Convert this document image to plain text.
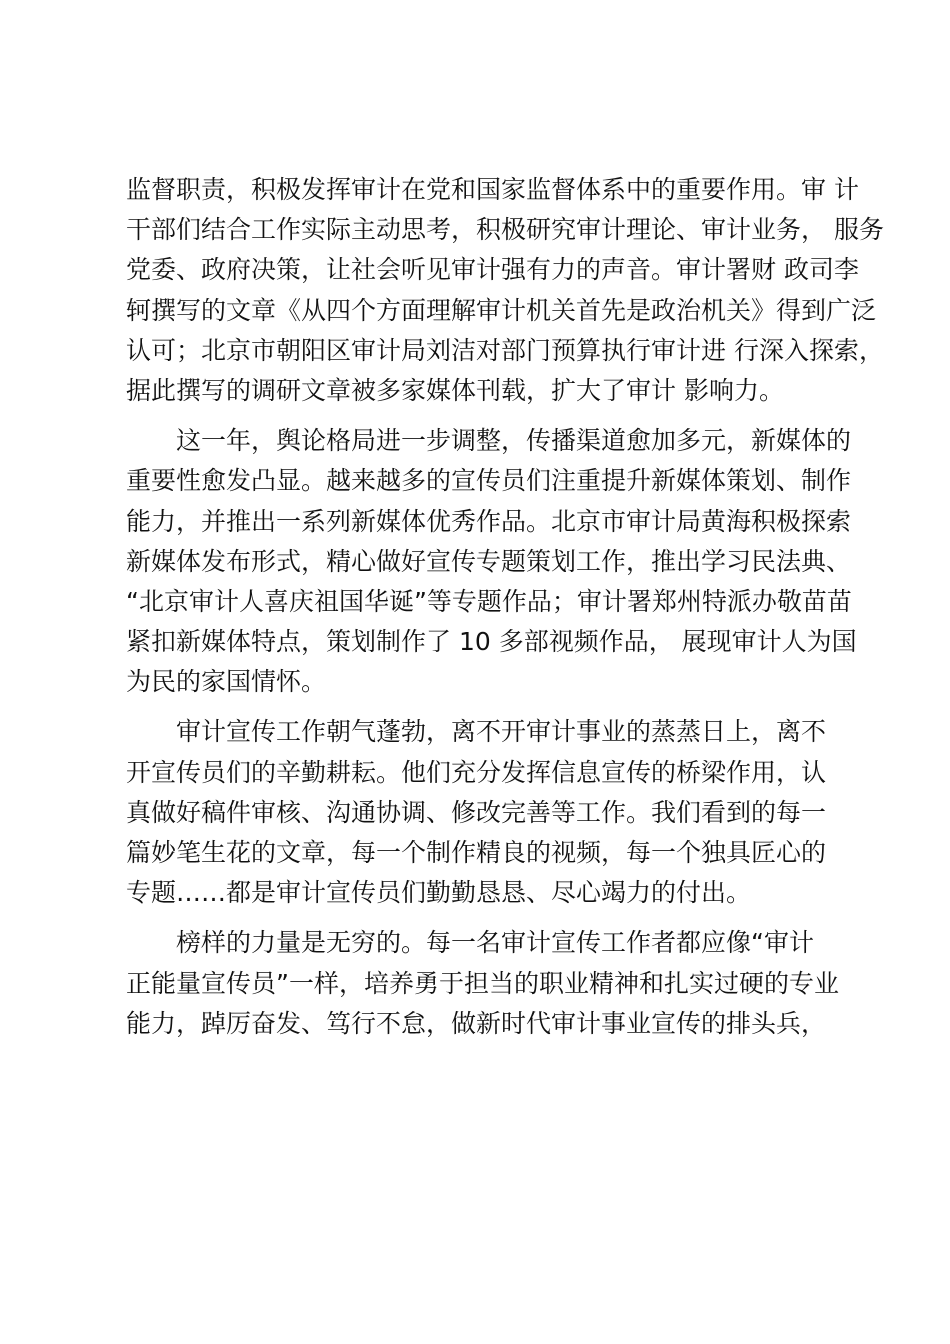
监督职责，积极发挥审计在党和国家监督体系中的重要作用。审 计
干部们结合工作实际主动思考，积极研究审计理论、审计业务， 服务
党委、政府决策，让社会听见审计强有力的声音。审计署财 政司李
轲撰写的文章《从四个方面理解审计机关首先是政治机关》得到广泛
认可；北京市朝阳区审计局刘洁对部门预算执行审计进 行深入探索，
据此撰写的调研文章被多家媒体刊载，扩大了审计 影响力。
　　这一年，舆论格局进一步调整，传播渠道愈加多元，新媒体的
重要性愈发凸显。越来越多的宣传员们注重提升新媒体策划、制作
能力，并推出一系列新媒体优秀作品。北京市审计局黄海积极探索
新媒体发布形式，精心做好宣传专题策划工作，推出学习民法典、
“北京审计人喜庆祖国华诞”等专题作品；审计署郑州特派办敬苗苗
紧扣新媒体特点，策划制作了 10 多部视频作品， 展现审计人为国
为民的家国情怀。
　　审计宣传工作朝气蓬勃，离不开审计事业的蒸蒸日上，离不
开宣传员们的辛勤耕耘。他们充分发挥信息宣传的桥梁作用，认
真做好稿件审核、沟通协调、修改完善等工作。我们看到的每一
篇妙笔生花的文章，每一个制作精良的视频，每一个独具匠心的
专题……都是审计宣传员们勤勤恳恳、尽心竭力的付出。
　　榜样的力量是无穷的。每一名审计宣传工作者都应像“审计
正能量宣传员”一样，培养勇于担当的职业精神和扎实过硬的专业
能力，踔厉奋发、笃行不怠，做新时代审计事业宣传的排头兵，
